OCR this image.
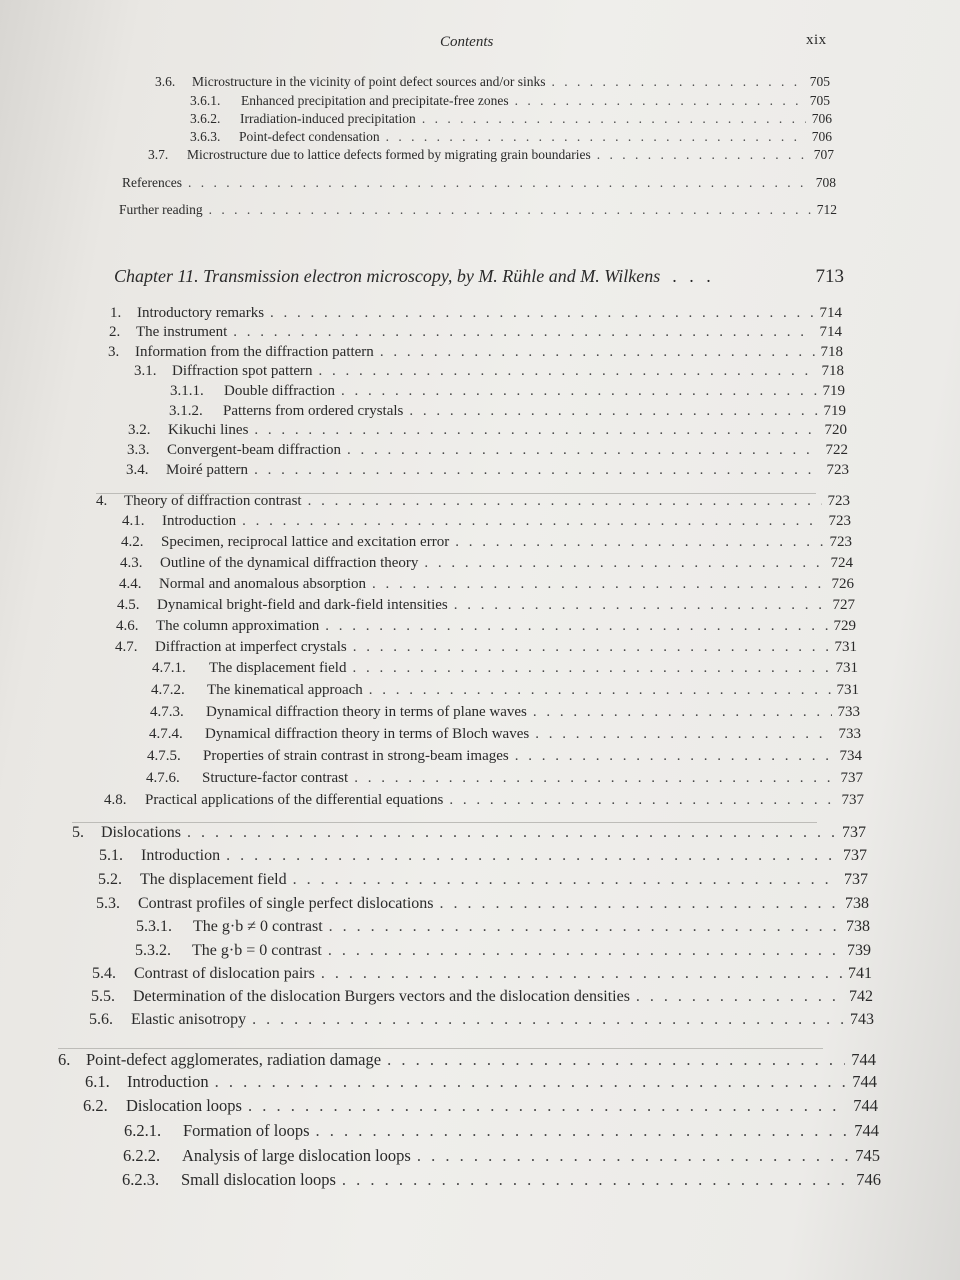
Contents	xix
Chapter 11. Transmission electron microscopy, by M. Rühle and M. Wilkens . . .	713
3.6.	Microstructure in the vicinity of point defect sources and/or sinks . . .	705
3.6.1.	Enhanced precipitation and precipitate-free zones . . .	705
3.6.2.	Irradiation-induced precipitation . . .	706
3.6.3.	Point-defect condensation . . .	706
3.7.	Microstructure due to lattice defects formed by migrating grain boundaries . . .	707
References . . .	708
Further reading . . .	712
1.	Introductory remarks . . .	714
2.	The instrument . . .	714
3.	Information from the diffraction pattern . . .	718
3.1.	Diffraction spot pattern . . .	718
3.1.1.	Double diffraction . . .	719
3.1.2.	Patterns from ordered crystals . . .	719
3.2.	Kikuchi lines . . .	720
3.3.	Convergent-beam diffraction . . .	722
3.4.	Moiré pattern . . .	723
4.	Theory of diffraction contrast . . .	723
4.1.	Introduction . . .	723
4.2.	Specimen, reciprocal lattice and excitation error . . .	723
4.3.	Outline of the dynamical diffraction theory . . .	724
4.4.	Normal and anomalous absorption . . .	726
4.5.	Dynamical bright-field and dark-field intensities . . .	727
4.6.	The column approximation . . .	729
4.7.	Diffraction at imperfect crystals . . .	731
4.7.1.	The displacement field . . .	731
4.7.2.	The kinematical approach . . .	731
4.7.3.	Dynamical diffraction theory in terms of plane waves . . .	733
4.7.4.	Dynamical diffraction theory in terms of Bloch waves . . .	733
4.7.5.	Properties of strain contrast in strong-beam images . . .	734
4.7.6.	Structure-factor contrast . . .	737
4.8.	Practical applications of the differential equations . . .	737
5.	Dislocations . . .	737
5.1.	Introduction . . .	737
5.2.	The displacement field . . .	737
5.3.	Contrast profiles of single perfect dislocations . . .	738
5.3.1.	The g·b ≠ 0 contrast . . .	738
5.3.2.	The g·b = 0 contrast . . .	739
5.4.	Contrast of dislocation pairs . . .	741
5.5.	Determination of the dislocation Burgers vectors and the dislocation densities . . .	742
5.6.	Elastic anisotropy . . .	743
6. Point-defect agglomerates, radiation damage . . .	744
6.1.	Introduction . . .	744
6.2.	Dislocation loops . . .	744
6.2.1.	Formation of loops . . .	744
6.2.2.	Analysis of large dislocation loops . . .	745
6.2.3.	Small dislocation loops . . .	746
